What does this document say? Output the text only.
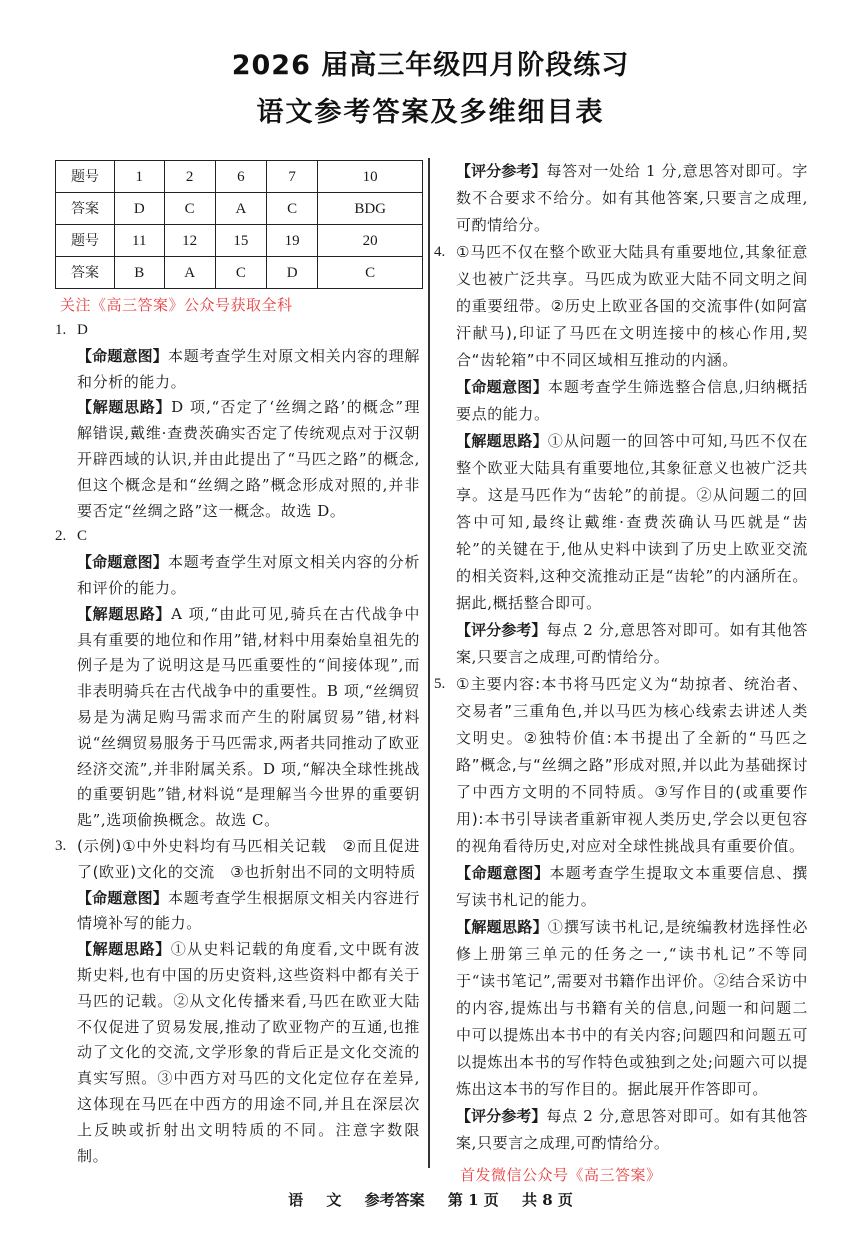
2026 届高三年级四月阶段练习
语文参考答案及多维细目表
题号	1	2	6	7	10
答案	D	C	A	C	BDG
题号	11	12	15	19	20
答案	B	A	C	D	C
1. D
【命题意图】本题考查学生对原文相关内容的理解和分析的能力。
【解题思路】D 项,“否定了‘丝绸之路’的概念”理解错误,戴维·查费茨确实否定了传统观点对于汉朝开辟西域的认识,并由此提出了“马匹之路”的概念,但这个概念是和“丝绸之路”概念形成对照的,并非要否定“丝绸之路”这一概念。故选 D。
2. C
【命题意图】本题考查学生对原文相关内容的分析和评价的能力。
【解题思路】A 项,“由此可见,骑兵在古代战争中具有重要的地位和作用”错,材料中用秦始皇祖先的例子是为了说明这是马匹重要性的“间接体现”,而非表明骑兵在古代战争中的重要性。B 项,“丝绸贸易是为满足购马需求而产生的附属贸易”错,材料说“丝绸贸易服务于马匹需求,两者共同推动了欧亚经济交流”,并非附属关系。D 项,“解决全球性挑战的重要钥匙”错,材料说“是理解当今世界的重要钥匙”,选项偷换概念。故选 C。
3. (示例)①中外史料均有马匹相关记载　②而且促进了(欧亚)文化的交流　③也折射出不同的文明特质
【命题意图】本题考查学生根据原文相关内容进行情境补写的能力。
【解题思路】①从史料记载的角度看,文中既有波斯史料,也有中国的历史资料,这些资料中都有关于马匹的记载。②从文化传播来看,马匹在欧亚大陆不仅促进了贸易发展,推动了欧亚物产的互通,也推动了文化的交流,文学形象的背后正是文化交流的真实写照。③中西方对马匹的文化定位存在差异,这体现在马匹在中西方的用途不同,并且在深层次上反映或折射出文明特质的不同。注意字数限制。
【评分参考】每答对一处给 1 分,意思答对即可。字数不合要求不给分。如有其他答案,只要言之成理,可酌情给分。
4. ①马匹不仅在整个欧亚大陆具有重要地位,其象征意义也被广泛共享。马匹成为欧亚大陆不同文明之间的重要纽带。②历史上欧亚各国的交流事件(如阿富汗献马),印证了马匹在文明连接中的核心作用,契合“齿轮箱”中不同区域相互推动的内涵。
【命题意图】本题考查学生筛选整合信息,归纳概括要点的能力。
【解题思路】①从问题一的回答中可知,马匹不仅在整个欧亚大陆具有重要地位,其象征意义也被广泛共享。这是马匹作为“齿轮”的前提。②从问题二的回答中可知,最终让戴维·查费茨确认马匹就是“齿轮”的关键在于,他从史料中读到了历史上欧亚交流的相关资料,这种交流推动正是“齿轮”的内涵所在。据此,概括整合即可。
【评分参考】每点 2 分,意思答对即可。如有其他答案,只要言之成理,可酌情给分。
5. ①主要内容:本书将马匹定义为“劫掠者、统治者、交易者”三重角色,并以马匹为核心线索去讲述人类文明史。②独特价值:本书提出了全新的“马匹之路”概念,与“丝绸之路”形成对照,并以此为基础探讨了中西方文明的不同特质。③写作目的(或重要作用):本书引导读者重新审视人类历史,学会以更包容的视角看待历史,对应对全球性挑战具有重要价值。
【命题意图】本题考查学生提取文本重要信息、撰写读书札记的能力。
【解题思路】①撰写读书札记,是统编教材选择性必修上册第三单元的任务之一,“读书札记”不等同于“读书笔记”,需要对书籍作出评价。②结合采访中的内容,提炼出与书籍有关的信息,问题一和问题二中可以提炼出本书中的有关内容;问题四和问题五可以提炼出本书的写作特色或独到之处;问题六可以提炼出这本书的写作目的。据此展开作答即可。
【评分参考】每点 2 分,意思答对即可。如有其他答案,只要言之成理,可酌情给分。
关注《高三答案》公众号获取全科
首发微信公众号《高三答案》
语 文 参考答案 第 1 页 共 8 页
